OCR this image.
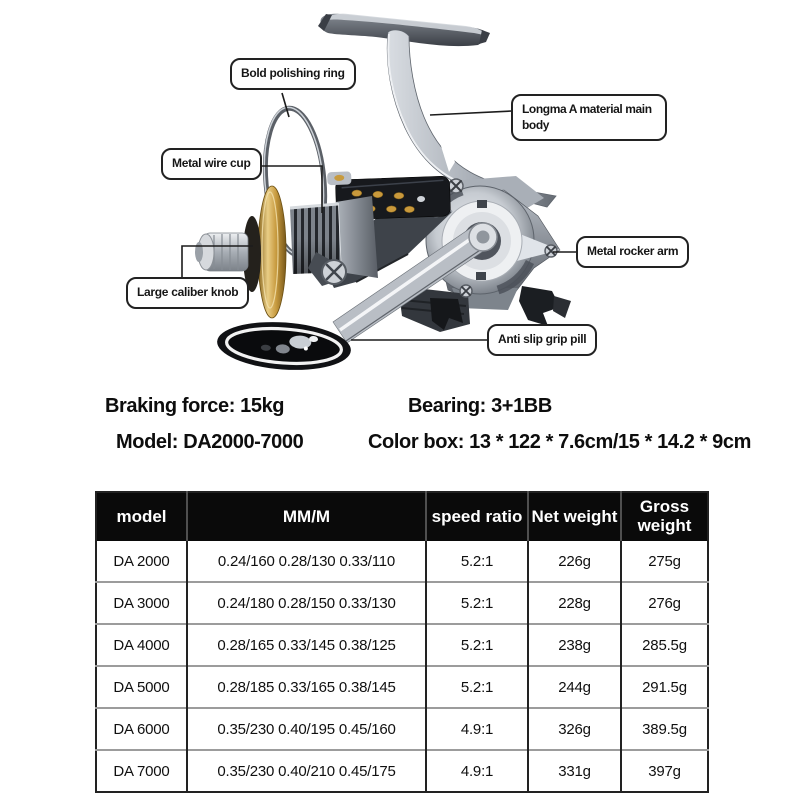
Bold polishing ring
Longma A material main body
Metal wire cup
Large caliber knob
Metal rocker arm
Anti slip grip pill
Braking force: 15kg	Bearing: 3+1BB
Model: DA2000-7000	Color box: 13 * 122 * 7.6cm/15 * 14.2 * 9cm
model	MM/M	speed ratio	Net weight	Gross weight
DA 2000	0.24/160 0.28/130 0.33/110	5.2:1	226g	275g
DA 3000	0.24/180 0.28/150 0.33/130	5.2:1	228g	276g
DA 4000	0.28/165 0.33/145 0.38/125	5.2:1	238g	285.5g
DA 5000	0.28/185 0.33/165 0.38/145	5.2:1	244g	291.5g
DA 6000	0.35/230 0.40/195 0.45/160	4.9:1	326g	389.5g
DA 7000	0.35/230 0.40/210 0.45/175	4.9:1	331g	397g
